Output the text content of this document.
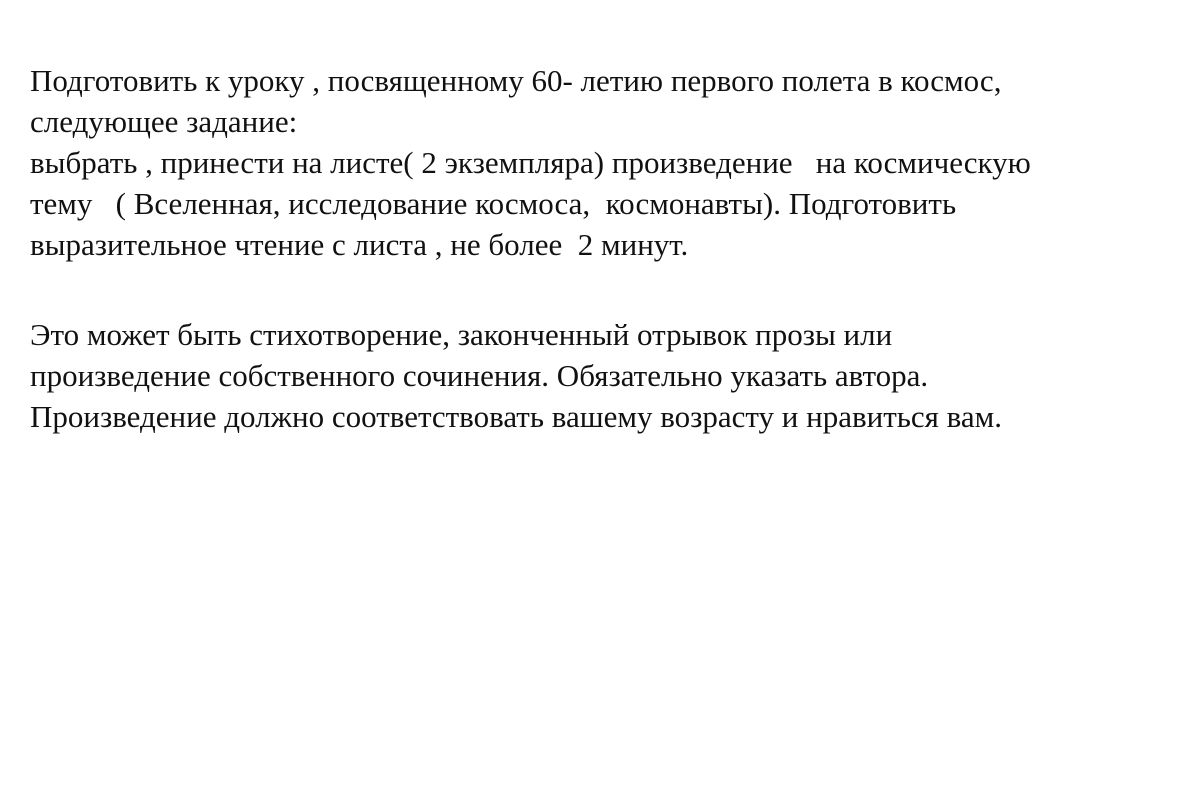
Подготовить к уроку , посвященному 60- летию первого полета в космос,
следующее задание:
выбрать , принести на листе( 2 экземпляра) произведение   на космическую
тему   ( Вселенная, исследование космоса,  космонавты). Подготовить
выразительное чтение с листа , не более  2 минут.
Это может быть стихотворение, законченный отрывок прозы или
произведение собственного сочинения. Обязательно указать автора.
Произведение должно соответствовать вашему возрасту и нравиться вам.
